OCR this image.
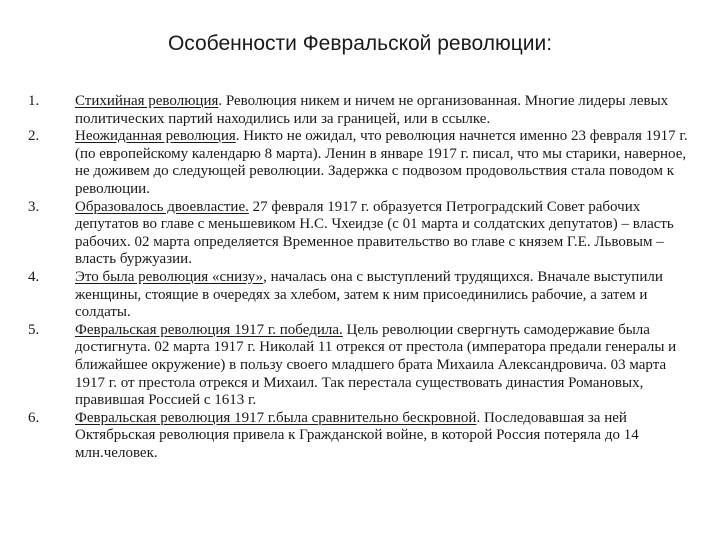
Особенности Февральской революции:
1.	Стихийная революция. Революция никем и ничем не организованная. Многие лидеры левых политических партий находились или за границей, или в ссылке.
2.	Неожиданная революция. Никто не ожидал, что революция начнется именно 23 февраля 1917 г.(по европейскому календарю 8 марта). Ленин в январе 1917 г. писал, что мы старики, наверное, не доживем до следующей революции. Задержка с подвозом продовольствия стала поводом к революции.
3.	Образовалось двоевластие. 27 февраля 1917 г. образуется Петроградский Совет рабочих депутатов во главе с меньшевиком Н.С. Чхеидзе (с 01 марта и солдатских депутатов) – власть рабочих. 02 марта определяется Временное правительство во главе с князем Г.Е. Львовым – власть буржуазии.
4.	Это была революция «снизу», началась она с выступлений трудящихся. Вначале выступили женщины, стоящие в очередях за хлебом, затем к ним присоединились рабочие, а затем и солдаты.
5.	Февральская революция 1917 г. победила. Цель революции свергнуть самодержавие была достигнута. 02 марта 1917 г. Николай 11 отрекся от престола (императора предали генералы и ближайшее окружение) в пользу своего младшего брата Михаила Александровича. 03 марта 1917 г. от престола отрекся и Михаил. Так перестала существовать династия Романовых, правившая Россией с 1613 г.
6.	Февральская революция 1917 г.была сравнительно бескровной. Последовавшая за ней Октябрьская революция привела к Гражданской войне, в которой Россия потеряла до 14 млн.человек.
